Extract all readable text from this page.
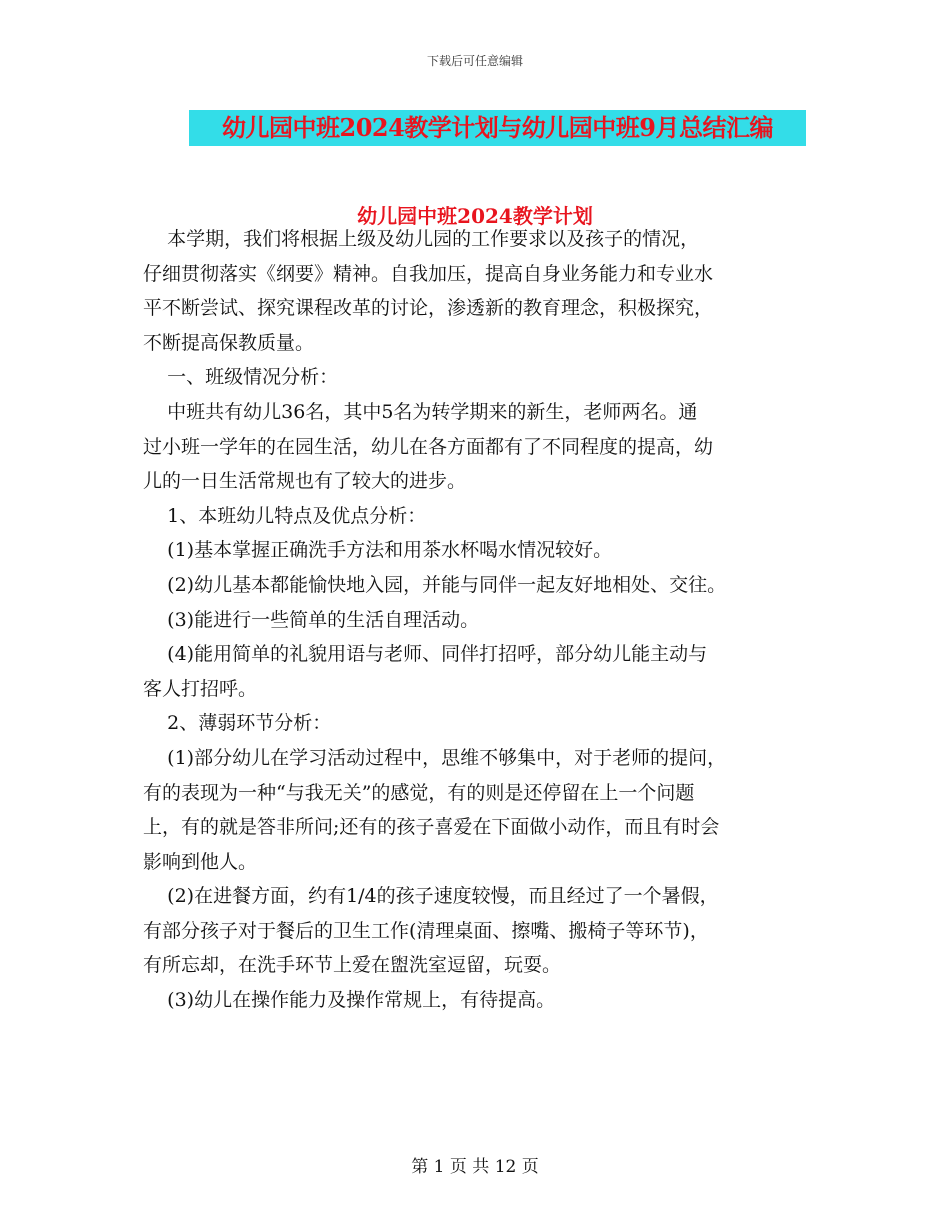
下载后可任意编辑
幼儿园中班2024教学计划与幼儿园中班9月总结汇编
幼儿园中班2024教学计划

本学期，我们将根据上级及幼儿园的工作要求以及孩子的情况，

仔细贯彻落实《纲要》精神。自我加压，提高自身业务能力和专业水

平不断尝试、探究课程改革的讨论，渗透新的教育理念，积极探究，

不断提高保教质量。

一、班级情况分析：

中班共有幼儿36名，其中5名为转学期来的新生，老师两名。通

过小班一学年的在园生活，幼儿在各方面都有了不同程度的提高，幼

儿的一日生活常规也有了较大的进步。

1、本班幼儿特点及优点分析：

(1)基本掌握正确洗手方法和用茶水杯喝水情况较好。

(2)幼儿基本都能愉快地入园，并能与同伴一起友好地相处、交往。

(3)能进行一些简单的生活自理活动。

(4)能用简单的礼貌用语与老师、同伴打招呼，部分幼儿能主动与

客人打招呼。

2、薄弱环节分析：

(1)部分幼儿在学习活动过程中，思维不够集中，对于老师的提问，

有的表现为一种“与我无关”的感觉，有的则是还停留在上一个问题

上，有的就是答非所问;还有的孩子喜爱在下面做小动作，而且有时会

影响到他人。

(2)在进餐方面，约有1/4的孩子速度较慢，而且经过了一个暑假，

有部分孩子对于餐后的卫生工作(清理桌面、擦嘴、搬椅子等环节)，

有所忘却，在洗手环节上爱在盥洗室逗留，玩耍。

(3)幼儿在操作能力及操作常规上，有待提高。

第 1 页 共 12 页
